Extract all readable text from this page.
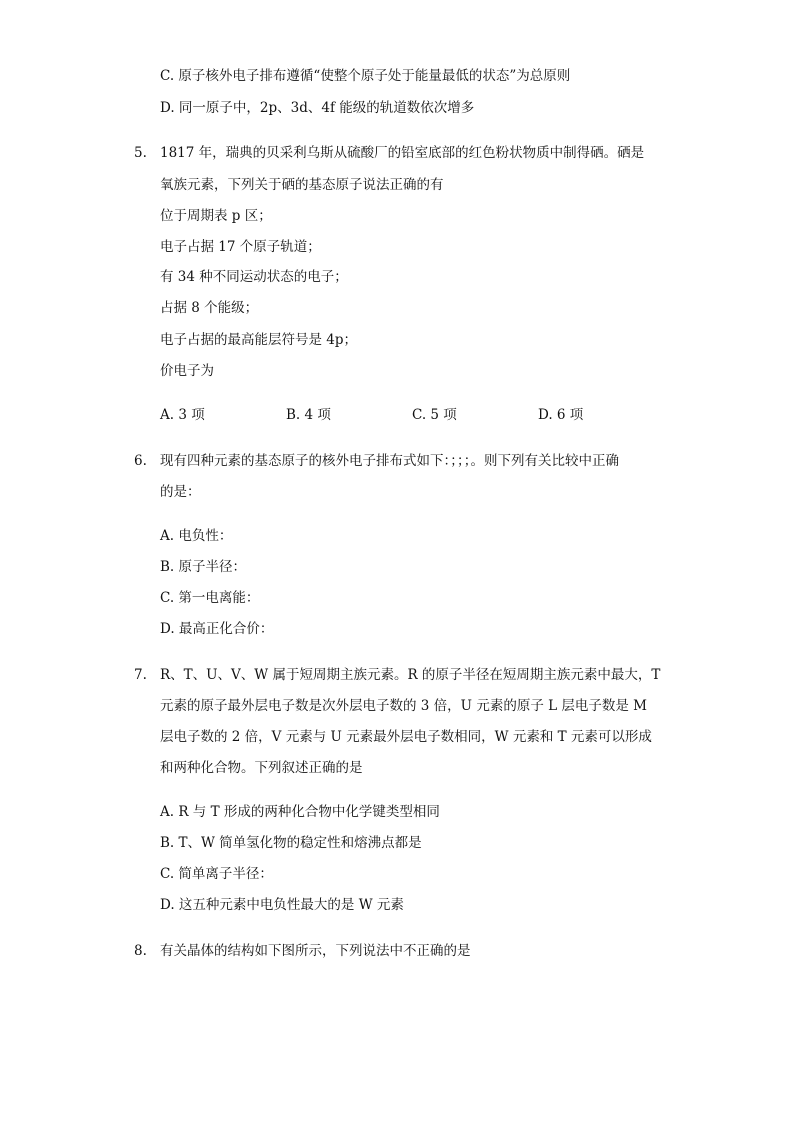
C. 原子核外电子排布遵循“使整个原子处于能量最低的状态”为总原则
D. 同一原子中，2p、3d、4f 能级的轨道数依次增多
5. 1817 年，瑞典的贝采利乌斯从硫酸厂的铅室底部的红色粉状物质中制得硒。硒是
氧族元素，下列关于硒的基态原子说法正确的有
位于周期表 p 区；
电子占据 17 个原子轨道；
有 34 种不同运动状态的电子；
占据 8 个能级；
电子占据的最高能层符号是 4p；
价电子为
A. 3 项	B. 4 项	C. 5 项	D. 6 项
6. 现有四种元素的基态原子的核外电子排布式如下：；；；。则下列有关比较中正确
的是：
A. 电负性：
B. 原子半径：
C. 第一电离能：
D. 最高正化合价：
7. R、T、U、V、W 属于短周期主族元素。R 的原子半径在短周期主族元素中最大，T
元素的原子最外层电子数是次外层电子数的 3 倍，U 元素的原子 L 层电子数是 M
层电子数的 2 倍，V 元素与 U 元素最外层电子数相同，W 元素和 T 元素可以形成
和两种化合物。下列叙述正确的是
A. R 与 T 形成的两种化合物中化学键类型相同
B. T、W 简单氢化物的稳定性和熔沸点都是
C. 简单离子半径：
D. 这五种元素中电负性最大的是 W 元素
8. 有关晶体的结构如下图所示，下列说法中不正确的是
